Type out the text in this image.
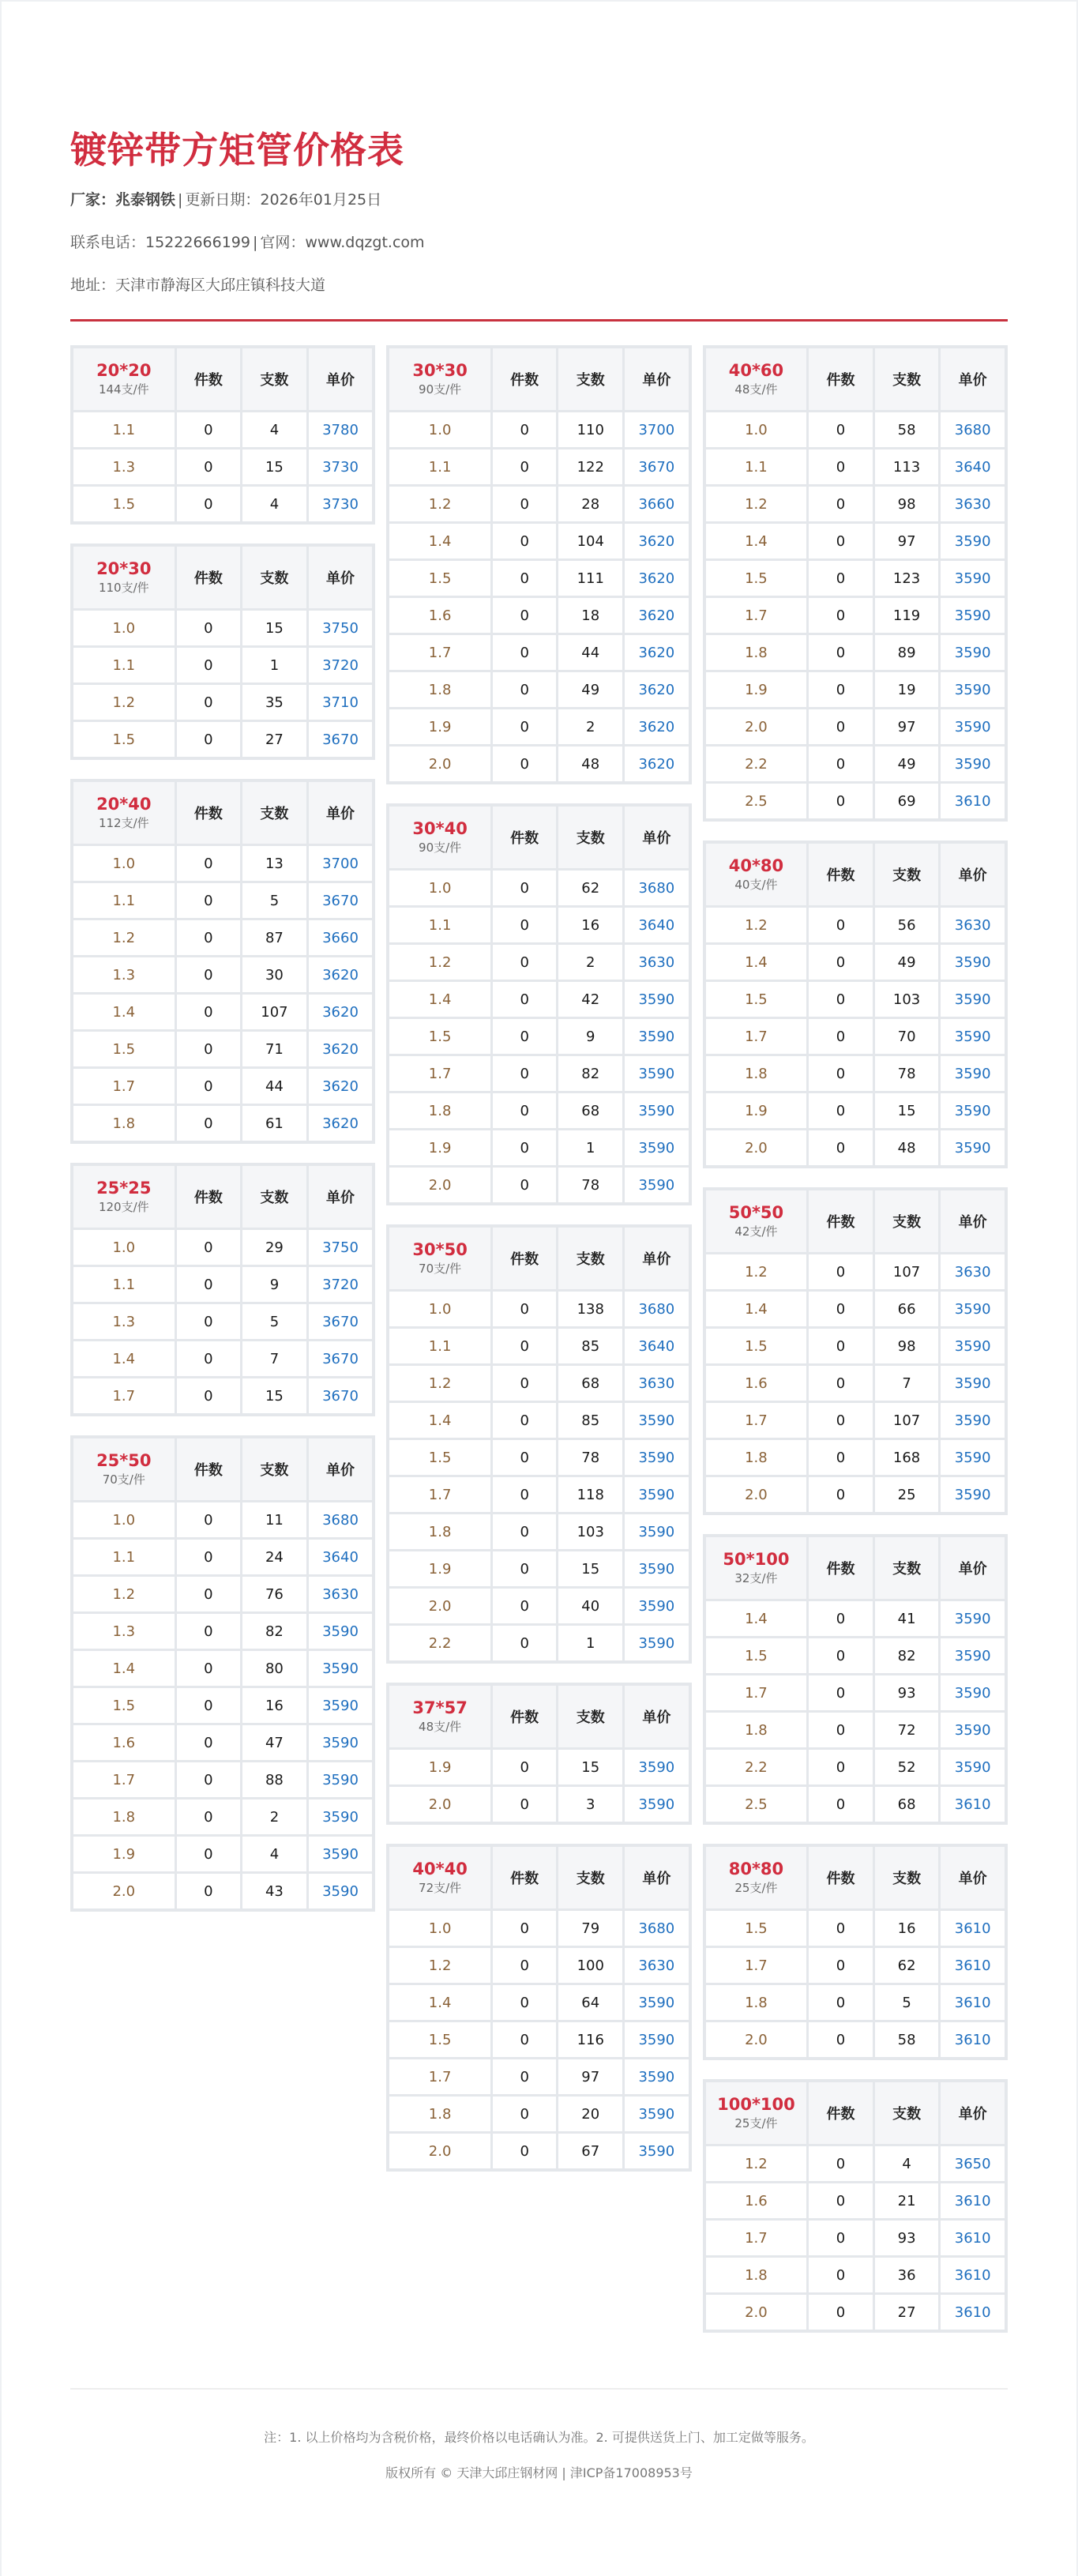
镀锌带方矩管价格表
厂家：兆泰钢铁 | 更新日期：2026年01月25日
联系电话：15222666199 | 官网：www.dqzgt.com
地址：天津市静海区大邱庄镇科技大道
20*20
144支/件	件数	支数	单价
1.1	0	4	3780
1.3	0	15	3730
1.5	0	4	3730
20*30
110支/件	件数	支数	单价
1.0	0	15	3750
1.1	0	1	3720
1.2	0	35	3710
1.5	0	27	3670
20*40
112支/件	件数	支数	单价
1.0	0	13	3700
1.1	0	5	3670
1.2	0	87	3660
1.3	0	30	3620
1.4	0	107	3620
1.5	0	71	3620
1.7	0	44	3620
1.8	0	61	3620
25*25
120支/件	件数	支数	单价
1.0	0	29	3750
1.1	0	9	3720
1.3	0	5	3670
1.4	0	7	3670
1.7	0	15	3670
25*50
70支/件	件数	支数	单价
1.0	0	11	3680
1.1	0	24	3640
1.2	0	76	3630
1.3	0	82	3590
1.4	0	80	3590
1.5	0	16	3590
1.6	0	47	3590
1.7	0	88	3590
1.8	0	2	3590
1.9	0	4	3590
2.0	0	43	3590
30*30
90支/件	件数	支数	单价
1.0	0	110	3700
1.1	0	122	3670
1.2	0	28	3660
1.4	0	104	3620
1.5	0	111	3620
1.6	0	18	3620
1.7	0	44	3620
1.8	0	49	3620
1.9	0	2	3620
2.0	0	48	3620
30*40
90支/件	件数	支数	单价
1.0	0	62	3680
1.1	0	16	3640
1.2	0	2	3630
1.4	0	42	3590
1.5	0	9	3590
1.7	0	82	3590
1.8	0	68	3590
1.9	0	1	3590
2.0	0	78	3590
30*50
70支/件	件数	支数	单价
1.0	0	138	3680
1.1	0	85	3640
1.2	0	68	3630
1.4	0	85	3590
1.5	0	78	3590
1.7	0	118	3590
1.8	0	103	3590
1.9	0	15	3590
2.0	0	40	3590
2.2	0	1	3590
37*57
48支/件	件数	支数	单价
1.9	0	15	3590
2.0	0	3	3590
40*40
72支/件	件数	支数	单价
1.0	0	79	3680
1.2	0	100	3630
1.4	0	64	3590
1.5	0	116	3590
1.7	0	97	3590
1.8	0	20	3590
2.0	0	67	3590
40*60
48支/件	件数	支数	单价
1.0	0	58	3680
1.1	0	113	3640
1.2	0	98	3630
1.4	0	97	3590
1.5	0	123	3590
1.7	0	119	3590
1.8	0	89	3590
1.9	0	19	3590
2.0	0	97	3590
2.2	0	49	3590
2.5	0	69	3610
40*80
40支/件	件数	支数	单价
1.2	0	56	3630
1.4	0	49	3590
1.5	0	103	3590
1.7	0	70	3590
1.8	0	78	3590
1.9	0	15	3590
2.0	0	48	3590
50*50
42支/件	件数	支数	单价
1.2	0	107	3630
1.4	0	66	3590
1.5	0	98	3590
1.6	0	7	3590
1.7	0	107	3590
1.8	0	168	3590
2.0	0	25	3590
50*100
32支/件	件数	支数	单价
1.4	0	41	3590
1.5	0	82	3590
1.7	0	93	3590
1.8	0	72	3590
2.2	0	52	3590
2.5	0	68	3610
80*80
25支/件	件数	支数	单价
1.5	0	16	3610
1.7	0	62	3610
1.8	0	5	3610
2.0	0	58	3610
100*100
25支/件	件数	支数	单价
1.2	0	4	3650
1.6	0	21	3610
1.7	0	93	3610
1.8	0	36	3610
2.0	0	27	3610
注：1. 以上价格均为含税价格，最终价格以电话确认为准。2. 可提供送货上门、加工定做等服务。
版权所有 © 天津大邱庄钢材网 | 津ICP备17008953号
